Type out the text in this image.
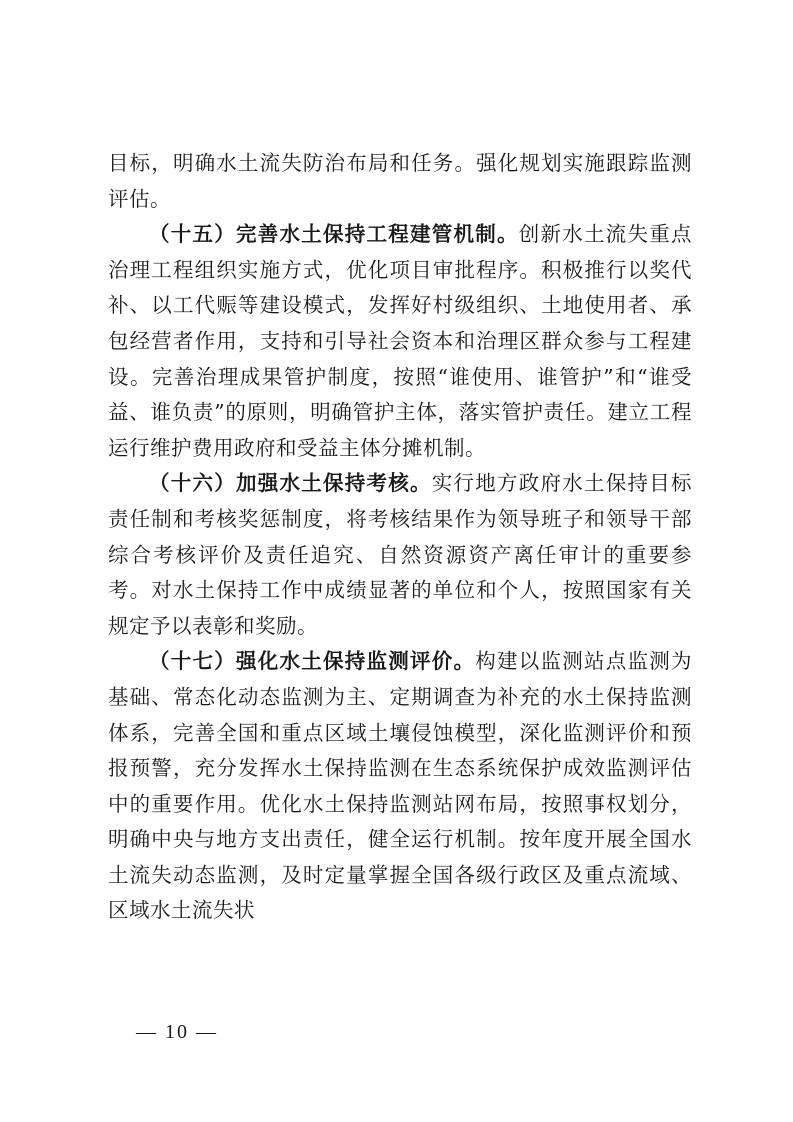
目标，明确水土流失防治布局和任务。强化规划实施跟踪监测评估。

（十五）完善水土保持工程建管机制。创新水土流失重点治理工程组织实施方式，优化项目审批程序。积极推行以奖代补、以工代赈等建设模式，发挥好村级组织、土地使用者、承包经营者作用，支持和引导社会资本和治理区群众参与工程建设。完善治理成果管护制度，按照“谁使用、谁管护”和“谁受益、谁负责”的原则，明确管护主体，落实管护责任。建立工程运行维护费用政府和受益主体分摊机制。

（十六）加强水土保持考核。实行地方政府水土保持目标责任制和考核奖惩制度，将考核结果作为领导班子和领导干部综合考核评价及责任追究、自然资源资产离任审计的重要参考。对水土保持工作中成绩显著的单位和个人，按照国家有关规定予以表彰和奖励。

（十七）强化水土保持监测评价。构建以监测站点监测为基础、常态化动态监测为主、定期调查为补充的水土保持监测体系，完善全国和重点区域土壤侵蚀模型，深化监测评价和预报预警，充分发挥水土保持监测在生态系统保护成效监测评估中的重要作用。优化水土保持监测站网布局，按照事权划分，明确中央与地方支出责任，健全运行机制。按年度开展全国水土流失动态监测，及时定量掌握全国各级行政区及重点流域、区域水土流失状

— 10 —
